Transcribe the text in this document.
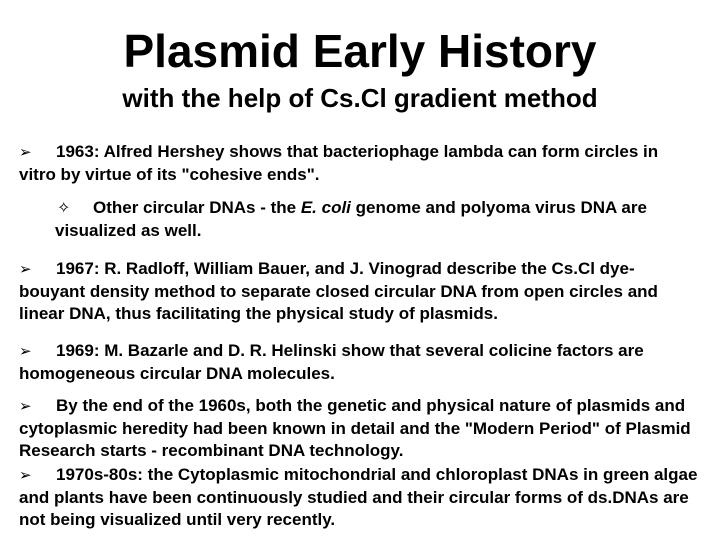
Plasmid Early History
with the help of Cs.Cl gradient method

➢ 1963: Alfred Hershey shows that bacteriophage lambda can form circles in vitro by virtue of its "cohesive ends".

✧ Other circular DNAs - the E. coli genome and polyoma virus DNA are visualized as well.

➢ 1967: R. Radloff, William Bauer, and J. Vinograd describe the Cs.Cl dye-bouyant density method to separate closed circular DNA from open circles and linear DNA, thus facilitating the physical study of plasmids.

➢ 1969: M. Bazarle and D. R. Helinski show that several colicine factors are homogeneous circular DNA molecules.

➢ By the end of the 1960s, both the genetic and physical nature of plasmids and cytoplasmic heredity had been known in detail and the "Modern Period" of Plasmid Research starts - recombinant DNA technology.

➢ 1970s-80s: the Cytoplasmic mitochondrial and chloroplast DNAs in green algae and plants have been continuously studied and their circular forms of ds.DNAs are not being visualized until very recently.
